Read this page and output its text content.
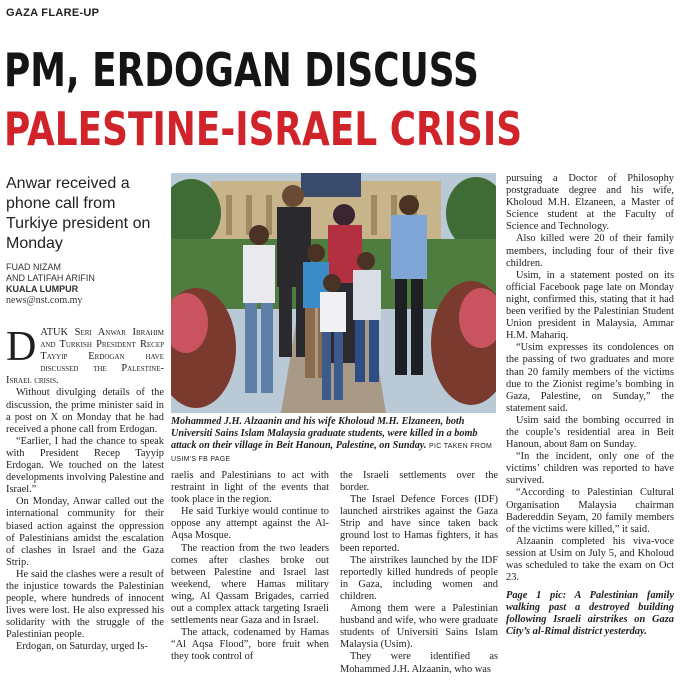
GAZA FLARE-UP
PM, ERDOGAN DISCUSS
PALESTINE-ISRAEL CRISIS
Anwar received a phone call from Turkiye president on Monday
FUAD NIZAM
AND LATIFAH ARIFIN
KUALA LUMPUR
news@nst.com.my
Mohammed J.H. Alzaanin and his wife Kholoud M.H. Elzaneen, both Universiti Sains Islam Malaysia graduate students, were killed in a bomb attack on their village in Beit Hanoun, Palestine, on Sunday. PIC TAKEN FROM USIM'S FB PAGE

DATUK Seri Anwar Ibrahim and Turkish President Recep Tayyip Erdogan have discussed the Palestine-Israel crisis.

Without divulging details of the discussion, the prime minister said in a post on X on Monday that he had received a phone call from Erdogan.

“Earlier, I had the chance to speak with President Recep Tayyip Erdogan. We touched on the latest developments involving Palestine and Israel.”

On Monday, Anwar called out the international community for their biased action against the oppression of Palestinians amidst the escalation of clashes in Israel and the Gaza Strip.

He said the clashes were a result of the injustice towards the Palestinian people, where hundreds of innocent lives were lost. He also expressed his solidarity with the struggle of the Palestinian people.

Erdogan, on Saturday, urged Is-

raelis and Palestinians to act with restraint in light of the events that took place in the region.

He said Turkiye would continue to oppose any attempt against the Al-Aqsa Mosque.

The reaction from the two leaders comes after clashes broke out between Palestine and Israel last weekend, where Hamas military wing, Al Qassam Brigades, carried out a complex attack targeting Israeli settlements near Gaza and in Israel.

The attack, codenamed by Hamas “Al Aqsa Flood”, bore fruit when they took control of

the Israeli settlements over the border.

The Israel Defence Forces (IDF) launched airstrikes against the Gaza Strip and have since taken back ground lost to Hamas fighters, it has been reported.

The airstrikes launched by the IDF reportedly killed hundreds of people in Gaza, including women and children.

Among them were a Palestinian husband and wife, who were graduate students of Universiti Sains Islam Malaysia (Usim).

They were identified as Mohammed J.H. Alzaanin, who was

pursuing a Doctor of Philosophy postgraduate degree and his wife, Kholoud M.H. Elzaneen, a Master of Science student at the Faculty of Science and Technology.

Also killed were 20 of their family members, including four of their five children.

Usim, in a statement posted on its official Facebook page late on Monday night, confirmed this, stating that it had been verified by the Palestinian Student Union president in Malaysia, Ammar H.M. Mahariq.

“Usim expresses its condolences on the passing of two graduates and more than 20 family members of the victims due to the Zionist regime’s bombing in Gaza, Palestine, on Sunday,” the statement said.

Usim said the bombing occurred in the couple’s residential area in Beit Hanoun, about 8am on Sunday.

“In the incident, only one of the victims’ children was reported to have survived.

“According to Palestinian Cultural Organisation Malaysia chairman Badereddin Seyam, 20 family members of the victims were killed,” it said.

Alzaanin completed his viva-voce session at Usim on July 5, and Kholoud was scheduled to take the exam on Oct 23.

Page 1 pic: A Palestinian family walking past a destroyed building following Israeli airstrikes on Gaza City’s al-Rimal district yesterday.
